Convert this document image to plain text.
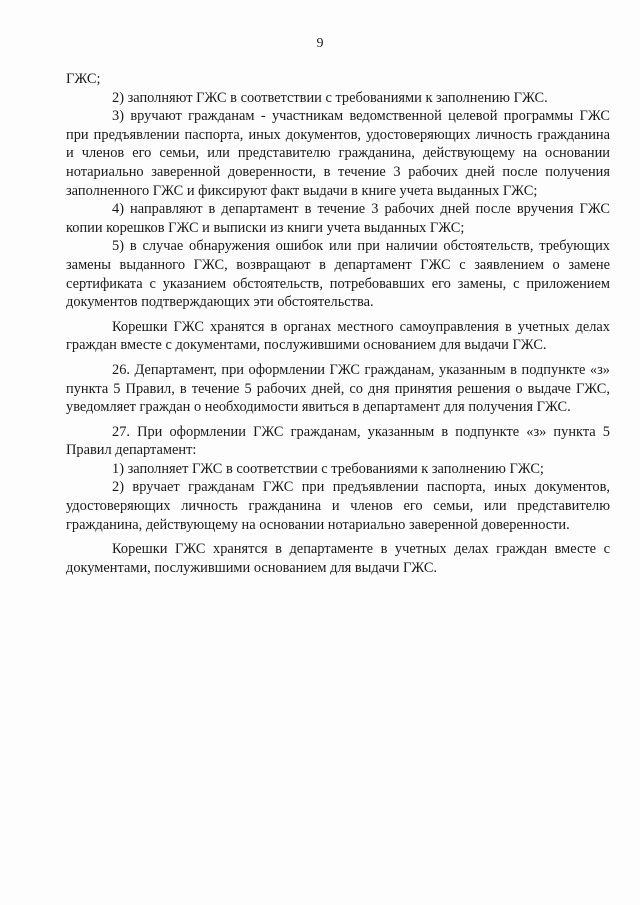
9

ГЖС;

2) заполняют ГЖС в соответствии с требованиями к заполнению ГЖС.

3) вручают гражданам - участникам ведомственной целевой программы ГЖС при предъявлении паспорта, иных документов, удостоверяющих личность гражданина и членов его семьи, или представителю гражданина, действующему на основании нотариально заверенной доверенности, в течение 3 рабочих дней после получения заполненного ГЖС и фиксируют факт выдачи в книге учета выданных ГЖС;

4) направляют в департамент в течение 3 рабочих дней после вручения ГЖС копии корешков ГЖС и выписки из книги учета выданных ГЖС;

5) в случае обнаружения ошибок или при наличии обстоятельств, требующих замены выданного ГЖС, возвращают в департамент ГЖС с заявлением о замене сертификата с указанием обстоятельств, потребовавших его замены, с приложением документов подтверждающих эти обстоятельства.

Корешки ГЖС хранятся в органах местного самоуправления в учетных делах граждан вместе с документами, послужившими основанием для выдачи ГЖС.

26. Департамент, при оформлении ГЖС гражданам, указанным в подпункте «з» пункта 5 Правил, в течение 5 рабочих дней, со дня принятия решения о выдаче ГЖС, уведомляет граждан о необходимости явиться в департамент для получения ГЖС.

27. При оформлении ГЖС гражданам, указанным в подпункте «з» пункта 5 Правил департамент:

1) заполняет ГЖС в соответствии с требованиями к заполнению ГЖС;

2) вручает гражданам ГЖС при предъявлении паспорта, иных документов, удостоверяющих личность гражданина и членов его семьи, или представителю гражданина, действующему на основании нотариально заверенной доверенности.

Корешки ГЖС хранятся в департаменте в учетных делах граждан вместе с документами, послужившими основанием для выдачи ГЖС.
